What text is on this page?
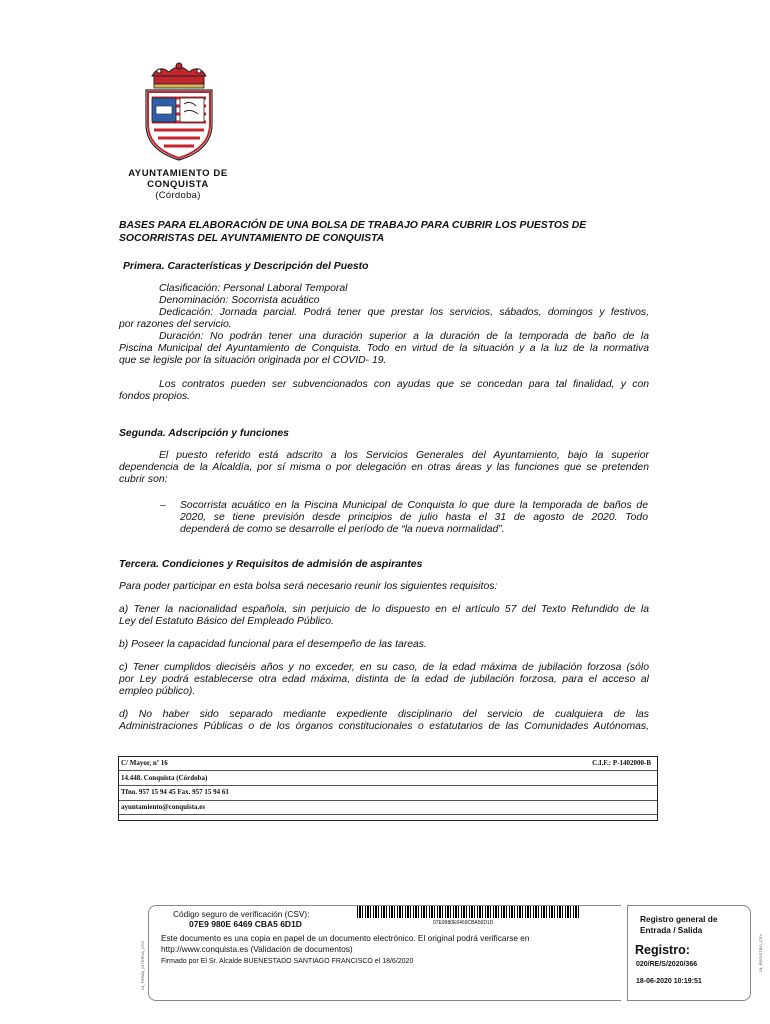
AYUNTAMIENTO DE
CONQUISTA
(Córdoba)
BASES PARA ELABORACIÓN DE UNA BOLSA DE TRABAJO PARA CUBRIR LOS PUESTOS DE
SOCORRISTAS DEL AYUNTAMIENTO DE CONQUISTA
Primera. Características y Descripción del Puesto
Clasificación: Personal Laboral Temporal
Denominación: Socorrista acuático
Dedicación: Jornada parcial. Podrá tener que prestar los servicios, sábados, domingos y festivos,
por razones del servicio.
Duración: No podrán tener una duración superior a la duración de la temporada de baño de la
Piscina Municipal del Ayuntamiento de Conquista. Todo en virtud de la situación y a la luz de la normativa
que se legisle por la situación originada por el COVID- 19.
Los contratos pueden ser subvencionados con ayudas que se concedan para tal finalidad, y con
fondos propios.
Segunda. Adscripción y funciones
El puesto referido está adscrito a los Servicios Generales del Ayuntamiento, bajo la superior
dependencia de la Alcaldía, por sí misma o por delegación en otras áreas y las funciones que se pretenden
cubrir son:
– Socorrista acuático en la Piscina Municipal de Conquista lo que dure la temporada de baños de
2020, se tiene previsión desde principios de julio hasta el 31 de agosto de 2020. Todo
dependerá de como se desarrolle el período de “la nueva normalidad”.
Tercera. Condiciones y Requisitos de admisión de aspirantes
Para poder participar en esta bolsa será necesario reunir los siguientes requisitos:
a) Tener la nacionalidad española, sin perjuicio de lo dispuesto en el artículo 57 del Texto Refundido de la
Ley del Estatuto Básico del Empleado Público.
b) Poseer la capacidad funcional para el desempeño de las tareas.
c) Tener cumplidos dieciséis años y no exceder, en su caso, de la edad máxima de jubilación forzosa (sólo
por Ley podrá establecerse otra edad máxima, distinta de la edad de jubilación forzosa, para el acceso al
empleo público).
d) No haber sido separado mediante expediente disciplinario del servicio de cualquiera de las
Administraciones Públicas o de los órganos constitucionales o estatutarios de las Comunidades Autónomas,
C/ Mayor, nº 16	C.I.F.: P-1402000-B
14.448. Conquista (Córdoba)
Tfno. 957 15 94 45 Fax. 957 15 94 61
ayuntamiento@conquista.es
24_FIRMA_INTERNA_CSV
Código seguro de verificación (CSV):
07E9 980E 6469 CBA5 6D1D	07E9980E6469CBA56D1D
Este documento es una copia en papel de un documento electrónico. El original podrá verificarse en
http://www.conquista.es (Validación de documentos)
Firmado por El Sr. Alcalde BUENESTADO SANTIAGO FRANCISCO el 18/6/2020
Registro general de
Entrada / Salida
Registro:
020/RE/S/2020/366
18-06-2020 10:19:51
24_REGISTRO_CSV
